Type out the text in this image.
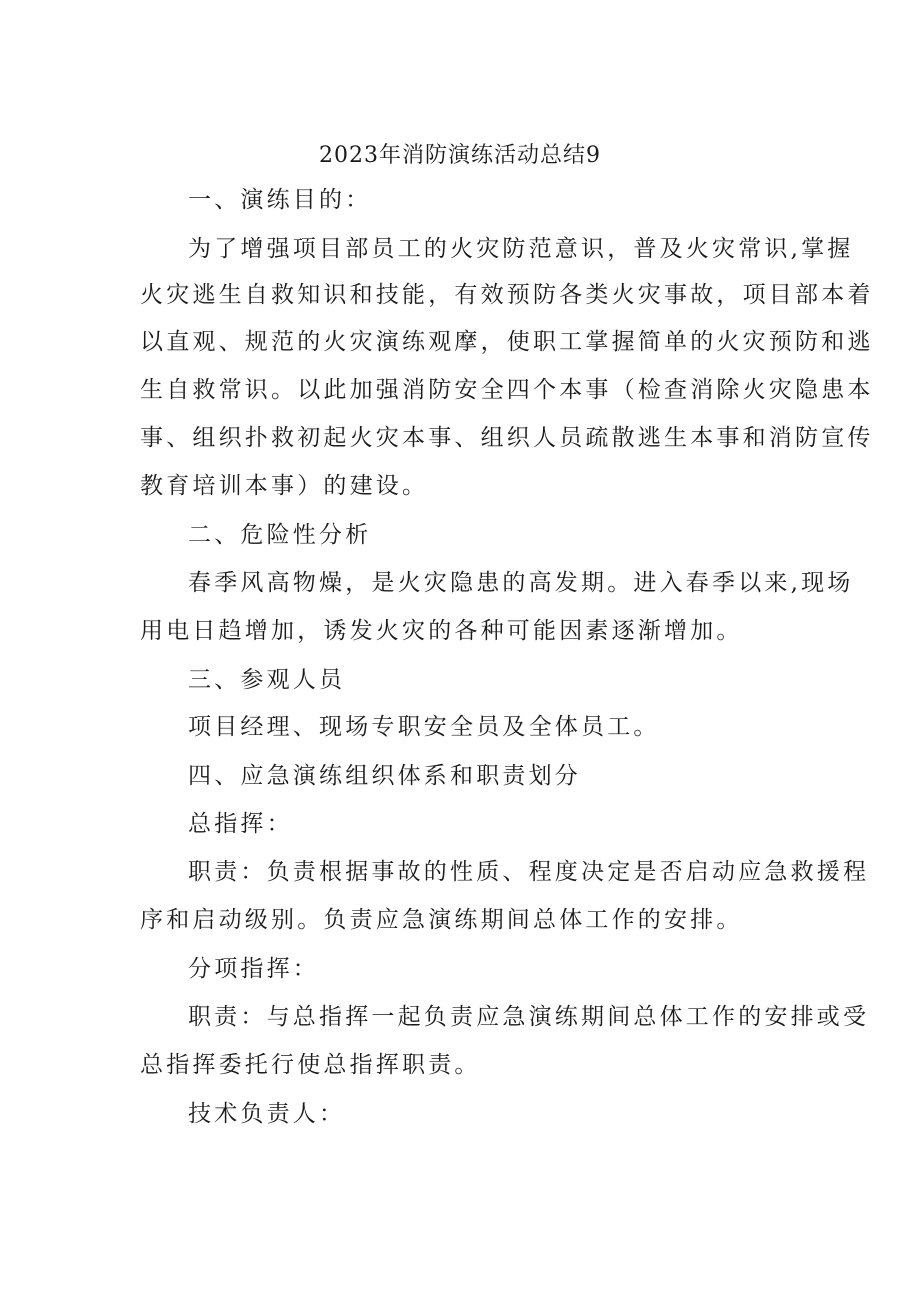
2023年消防演练活动总结9
一、演练目的：
为了增强项目部员工的火灾防范意识，普及火灾常识,掌握
火灾逃生自救知识和技能，有效预防各类火灾事故，项目部本着
以直观、规范的火灾演练观摩，使职工掌握简单的火灾预防和逃
生自救常识。以此加强消防安全四个本事（检查消除火灾隐患本
事、组织扑救初起火灾本事、组织人员疏散逃生本事和消防宣传
教育培训本事）的建设。
二、危险性分析
春季风高物燥，是火灾隐患的高发期。进入春季以来,现场
用电日趋增加，诱发火灾的各种可能因素逐渐增加。
三、参观人员
项目经理、现场专职安全员及全体员工。
四、应急演练组织体系和职责划分
总指挥：
职责：负责根据事故的性质、程度决定是否启动应急救援程
序和启动级别。负责应急演练期间总体工作的安排。
分项指挥：
职责：与总指挥一起负责应急演练期间总体工作的安排或受
总指挥委托行使总指挥职责。
技术负责人：
